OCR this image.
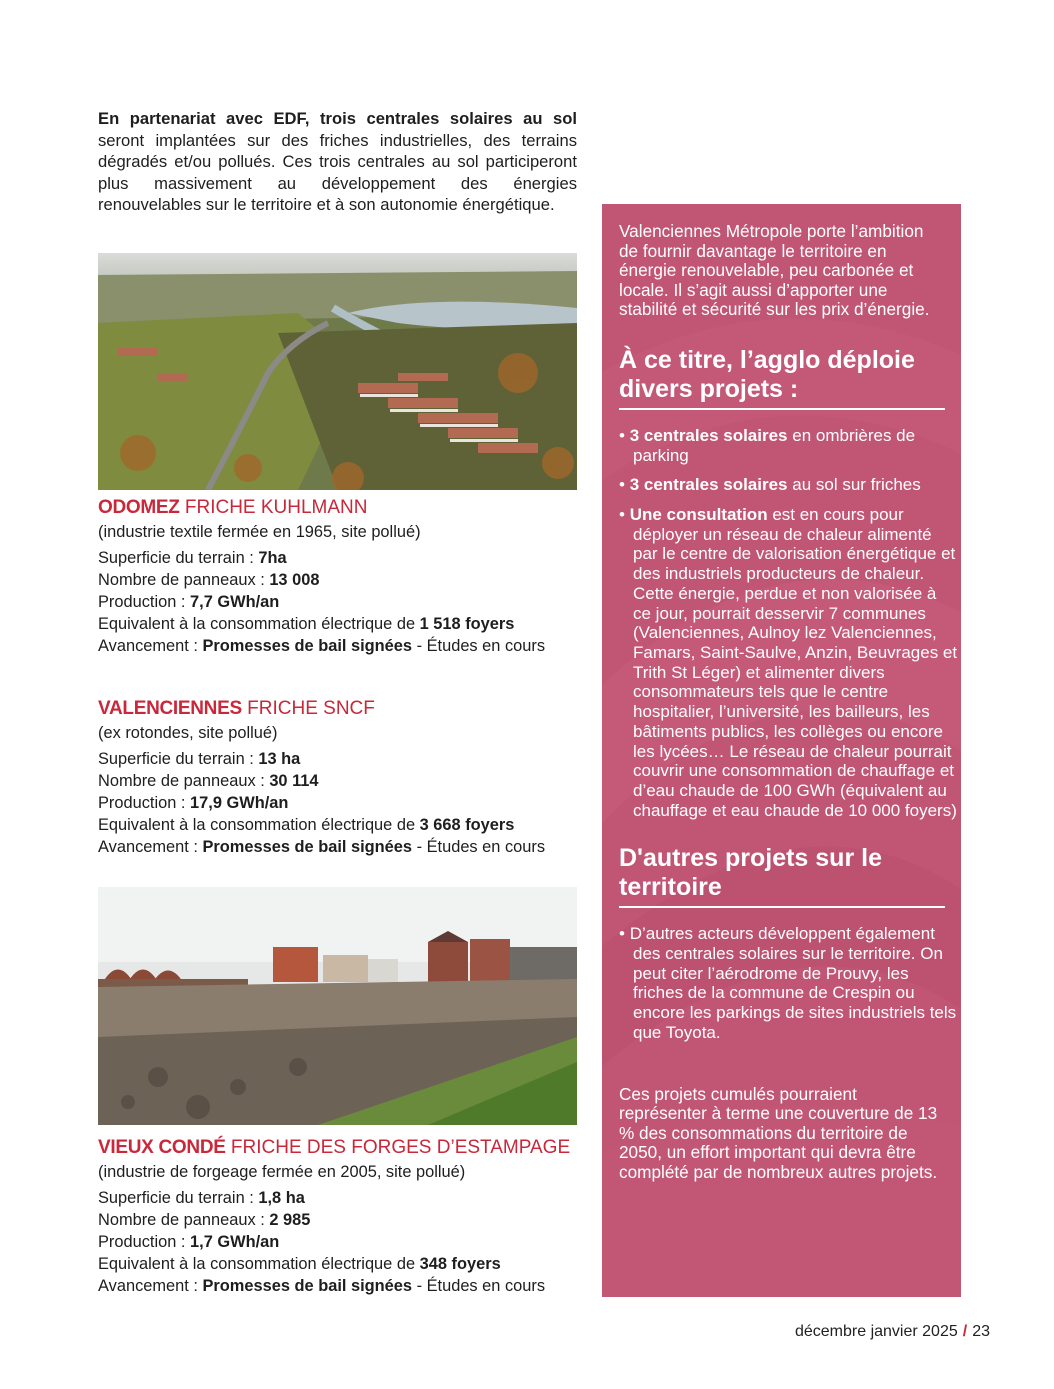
En partenariat avec EDF, trois centrales solaires au sol seront implantées sur des friches industrielles, des terrains dégradés et/ou pollués. Ces trois centrales au sol participeront plus massivement au développement des énergies renouvelables sur le territoire et à son autonomie énergétique.

ODOMEZ FRICHE KUHLMANN

(industrie textile fermée en 1965, site pollué)

Superficie du terrain : 7ha

Nombre de panneaux : 13 008

Production : 7,7 GWh/an

Equivalent à la consommation électrique de 1 518 foyers

Avancement : Promesses de bail signées - Études en cours

VALENCIENNES FRICHE SNCF

(ex rotondes, site pollué)

Superficie du terrain : 13 ha

Nombre de panneaux : 30 114

Production : 17,9 GWh/an

Equivalent à la consommation électrique de 3 668 foyers

Avancement : Promesses de bail signées - Études en cours

VIEUX CONDÉ FRICHE DES FORGES D’ESTAMPAGE

(industrie de forgeage fermée en 2005, site pollué)

Superficie du terrain : 1,8 ha

Nombre de panneaux : 2 985

Production : 1,7 GWh/an

Equivalent à la consommation électrique de 348 foyers

Avancement : Promesses de bail signées - Études en cours

Valenciennes Métropole porte l’ambition de fournir davantage le territoire en énergie renouvelable, peu carbonée et locale. Il s’agit aussi d’apporter une stabilité et sécurité sur les prix d’énergie.

À ce titre, l’agglo déploie divers projets :

• 3 centrales solaires en ombrières de parking

• 3 centrales solaires au sol sur friches

• Une consultation est en cours pour déployer un réseau de chaleur alimenté par le centre de valorisation énergétique et des industriels producteurs de chaleur. Cette énergie, perdue et non valorisée à ce jour, pourrait desservir 7 communes (Valenciennes, Aulnoy lez Valenciennes, Famars, Saint-Saulve, Anzin, Beuvrages et Trith St Léger) et alimenter divers consommateurs tels que le centre hospitalier, l’université, les bailleurs, les bâtiments publics, les collèges ou encore les lycées… Le réseau de chaleur pourrait couvrir une consommation de chauffage et d’eau chaude de 100 GWh (équivalent au chauffage et eau chaude de 10 000 foyers)

D'autres projets sur le territoire

• D’autres acteurs développent également des centrales solaires sur le territoire. On peut citer l’aérodrome de Prouvy, les friches de la commune de Crespin ou encore les parkings de sites industriels tels que Toyota.

Ces projets cumulés pourraient représenter à terme une couverture de 13 % des consommations du territoire de 2050, un effort important qui devra être complété par de nombreux autres projets.

décembre janvier 2025 / 23
